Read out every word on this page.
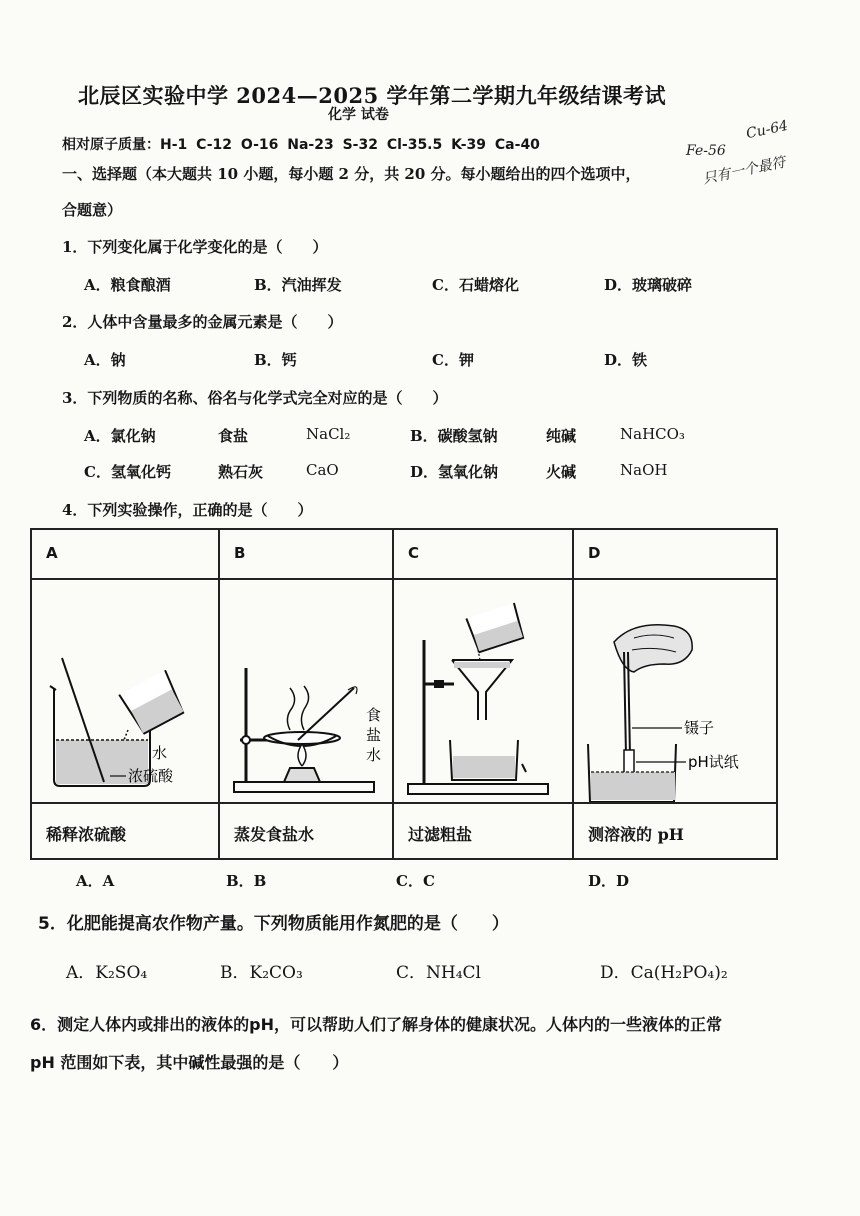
北辰区实验中学 2024—2025 学年第二学期九年级结课考试
化学 试卷
相对原子质量：H-1 C-12 O-16 Na-23 S-32 Cl-35.5 K-39 Ca-40	Fe-56
Cu-64
一、选择题（本大题共 10 小题，每小题 2 分，共 20 分。每小题给出的四个选项中，	只有一个最符
合题意）
1．下列变化属于化学变化的是（　　）
A．粮食酿酒	B．汽油挥发	C．石蜡熔化	D．玻璃破碎
2．人体中含量最多的金属元素是（　　）
A．钠	B．钙	C．钾	D．铁
3．下列物质的名称、俗名与化学式完全对应的是（　　）
A．氯化钠	食盐	NaCl₂	B．碳酸氢钠	纯碱	NaHCO₃
C．氢氧化钙	熟石灰	CaO	D．氢氧化钠	火碱	NaOH
4．下列实验操作，正确的是（　　）
A	B	C	D

水
浓硫酸	食
盐
水		镊子
pH试纸

稀释浓硫酸	蒸发食盐水	过滤粗盐	测溶液的 pH
A．A	B．B	C．C	D．D
5．化肥能提高农作物产量。下列物质能用作氮肥的是（　　）
A．K₂SO₄	B．K₂CO₃	C．NH₄Cl	D．Ca(H₂PO₄)₂
6．测定人体内或排出的液体的pH，可以帮助人们了解身体的健康状况。人体内的一些液体的正常
pH 范围如下表，其中碱性最强的是（　　）
